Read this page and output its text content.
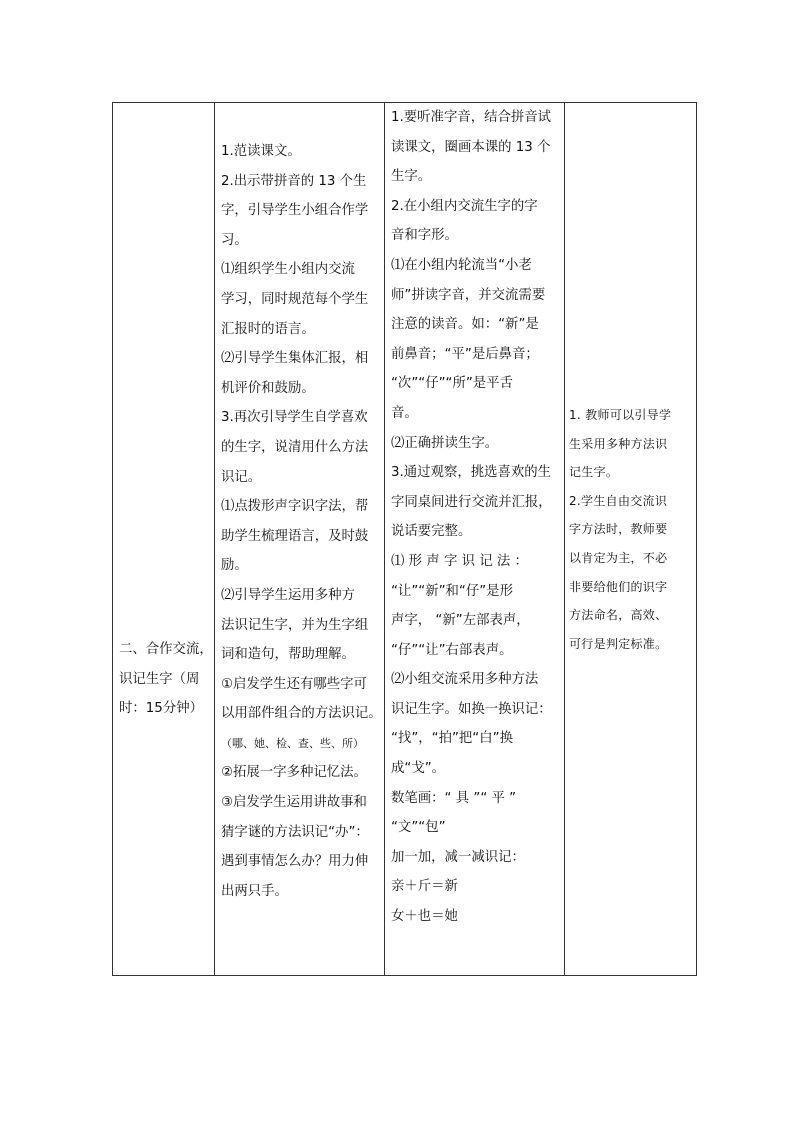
二、合作交流，
识记生字（周
时：15分钟）
1.范读课文。
2.出示带拼音的 13 个生
字，引导学生小组合作学
习。
⑴组织学生小组内交流
学习，同时规范每个学生
汇报时的语言。
⑵引导学生集体汇报，相
机评价和鼓励。
3.再次引导学生自学喜欢
的生字，说清用什么方法
识记。
⑴点拨形声字识字法，帮
助学生梳理语言，及时鼓
励。
⑵引导学生运用多种方
法识记生字，并为生字组
词和造句，帮助理解。
①启发学生还有哪些字可
以用部件组合的方法识记。
（哪、她、检、查、些、所）
②拓展一字多种记忆法。
③启发学生运用讲故事和
猜字谜的方法识记“办”：
遇到事情怎么办？用力伸
出两只手。
1.要听准字音，结合拼音试
读课文，圈画本课的 13 个
生字。
2.在小组内交流生字的字
音和字形。
⑴在小组内轮流当“小老
师”拼读字音，并交流需要
注意的读音。如：“新”是
前鼻音；“平”是后鼻音；
“次”“仔”“所”是平舌
音。
⑵正确拼读生字。
3.通过观察，挑选喜欢的生
字同桌间进行交流并汇报，
说话要完整。
⑴ 形 声 字 识 记 法 ：
“让”“新”和“仔”是形
声字， “新”左部表声，
“仔”“让”右部表声。
⑵小组交流采用多种方法
识记生字。如换一换识记：
“找”，“拍”把“白”换
成“戈”。
数笔画：“ 具 ”“ 平 ”
“文”“包”
加一加，减一减识记：
亲＋斤＝新
女＋也＝她
1. 教师可以引导学
生采用多种方法识
记生字。
2.学生自由交流识
字方法时，教师要
以肯定为主，不必
非要给他们的识字
方法命名，高效、
可行是判定标准。
